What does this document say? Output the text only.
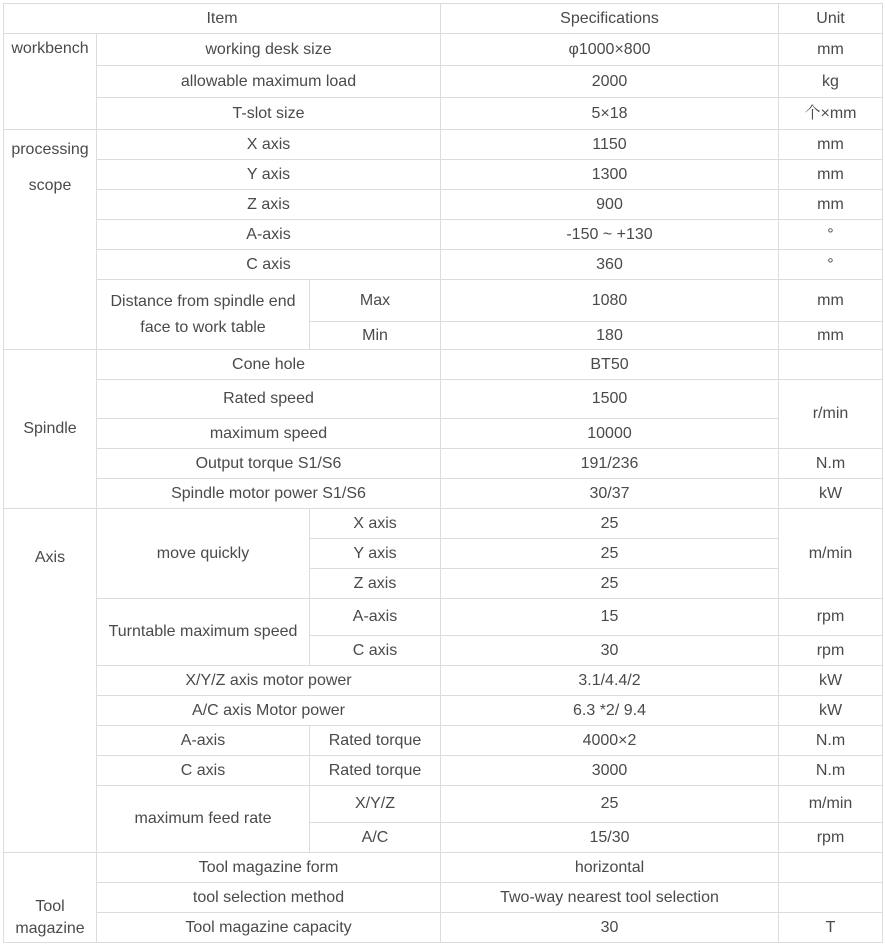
Item			Specifications	Unit
workbench	working desk size		φ1000×800	mm
	allowable maximum load		2000	kg
	T-slot size		5×18	个×mm
processing
scope	X axis		1150	mm
	Y axis		1300	mm
	Z axis		900	mm
	A-axis		-150 ~ +130	°
	C axis		360	°
	Distance from spindle end face to work table	Max	1080	mm
		Min	180	mm
Spindle	Cone hole		BT50	
	Rated speed		1500	r/min
	maximum speed		10000	
	Output torque S1/S6		191/236	N.m
	Spindle motor power S1/S6		30/37	kW
Axis	move quickly	X axis	25	m/min
		Y axis	25	
		Z axis	25	
	Turntable maximum speed	A-axis	15	rpm
		C axis	30	rpm
	X/Y/Z axis motor power		3.1/4.4/2	kW
	A/C axis Motor power		6.3 *2/ 9.4	kW
	A-axis	Rated torque	4000×2	N.m
	C axis	Rated torque	3000	N.m
	maximum feed rate	X/Y/Z	25	m/min
		A/C	15/30	rpm
Tool
magazine	Tool magazine form		horizontal	
	tool selection method		Two-way nearest tool selection	
	Tool magazine capacity		30	T
